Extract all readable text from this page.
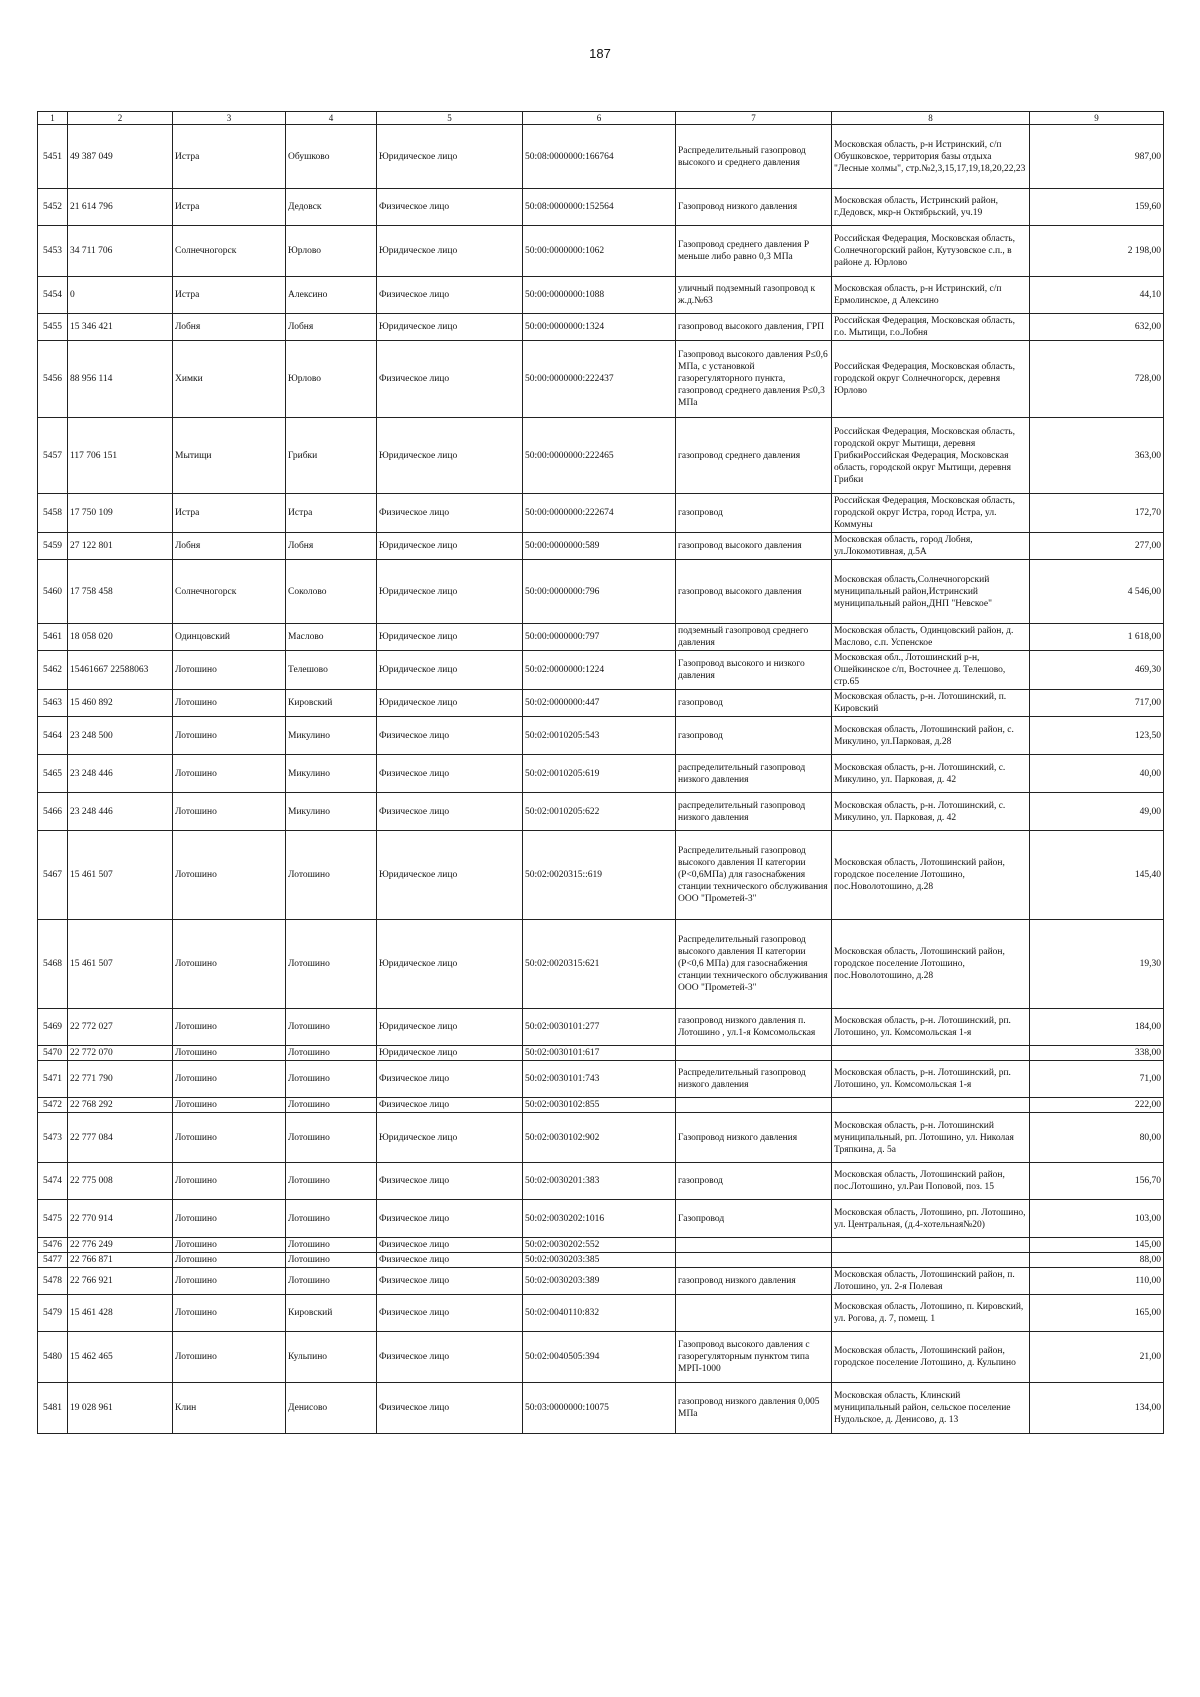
187
1	2	3	4	5	6	7	8	9
5451	49 387 049	Истра	Обушково	Юридическое лицо	50:08:0000000:166764	Распределительный газопровод высокого и среднего давления	Московская область, р-н Истринский, с/п Обушковское, территория базы отдыха "Лесные холмы", стр.№2,3,15,17,19,18,20,22,23	987,00
5452	21 614 796	Истра	Дедовск	Физическое лицо	50:08:0000000:152564	Газопровод низкого давления	Московская область, Истринский район, г.Дедовск, мкр-н Октябрьский, уч.19	159,60
5453	34 711 706	Солнечногорск	Юрлово	Юридическое лицо	50:00:0000000:1062	Газопровод среднего давления Р меньше либо равно 0,3 МПа	Российская Федерация, Московская область, Солнечногорский район, Кутузовское с.п., в районе д. Юрлово	2 198,00
5454	0	Истра	Алексино	Физическое лицо	50:00:0000000:1088	уличный подземный газопровод к ж.д.№63	Московская область, р-н Истринский, с/п Ермолинское, д Алексино	44,10
5455	15 346 421	Лобня	Лобня	Юридическое лицо	50:00:0000000:1324	газопровод высокого давления, ГРП	Российская Федерация, Московская область, г.о. Мытищи, г.о.Лобня	632,00
5456	88 956 114	Химки	Юрлово	Физическое лицо	50:00:0000000:222437	Газопровод высокого давления Р≤0,6 МПа, с установкой газорегуляторного пункта, газопровод среднего давления Р≤0,3 МПа	Российская Федерация, Московская область, городской округ Солнечногорск, деревня Юрлово	728,00
5457	117 706 151	Мытищи	Грибки	Юридическое лицо	50:00:0000000:222465	газопровод среднего давления	Российская Федерация, Московская область, городской округ Мытищи, деревня ГрибкиРоссийская Федерация, Московская область, городской округ Мытищи, деревня Грибки	363,00
5458	17 750 109	Истра	Истра	Физическое лицо	50:00:0000000:222674	газопровод	Российская Федерация, Московская область, городской округ Истра, город Истра, ул. Коммуны	172,70
5459	27 122 801	Лобня	Лобня	Юридическое лицо	50:00:0000000:589	газопровод высокого давления	Московская область, город Лобня, ул.Локомотивная, д.5А	277,00
5460	17 758 458	Солнечногорск	Соколово	Юридическое лицо	50:00:0000000:796	газопровод высокого давления	Московская область,Солнечногорский муниципальный район,Истринский муниципальный район,ДНП "Невское"	4 546,00
5461	18 058 020	Одинцовский	Маслово	Юридическое лицо	50:00:0000000:797	подземный газопровод среднего давления	Московская область, Одинцовский район, д. Маслово, с.п. Успенское	1 618,00
5462	15461667 22588063	Лотошино	Телешово	Юридическое лицо	50:02:0000000:1224	Газопровод высокого и низкого давления	Московская обл., Лотошинский р-н, Ошейкинское с/п, Восточнее д. Телешово, стр.65	469,30
5463	15 460 892	Лотошино	Кировский	Юридическое лицо	50:02:0000000:447	газопровод	Московская область, р-н. Лотошинский, п. Кировский	717,00
5464	23 248 500	Лотошино	Микулино	Физическое лицо	50:02:0010205:543	газопровод	Московская область, Лотошинский район, с. Микулино, ул.Парковая, д.28	123,50
5465	23 248 446	Лотошино	Микулино	Физическое лицо	50:02:0010205:619	распределительный газопровод низкого давления	Московская область, р-н. Лотошинский, с. Микулино, ул. Парковая, д. 42	40,00
5466	23 248 446	Лотошино	Микулино	Физическое лицо	50:02:0010205:622	распределительный газопровод низкого давления	Московская область, р-н. Лотошинский, с. Микулино, ул. Парковая, д. 42	49,00
5467	15 461 507	Лотошино	Лотошино	Юридическое лицо	50:02:0020315::619	Распределительный газопровод высокого давления II категории (Р<0,6МПа) для газоснабжения станции технического обслуживания ООО "Прометей-3"	Московская область, Лотошинский район, городское поселение Лотошино, пос.Новолотошино, д.28	145,40
5468	15 461 507	Лотошино	Лотошино	Юридическое лицо	50:02:0020315:621	Распределительный газопровод высокого давления II категории (Р<0,6 МПа) для газоснабжения станции технического обслуживания ООО "Прометей-3"	Московская область, Лотошинский район, городское поселение Лотошино, пос.Новолотошино, д.28	19,30
5469	22 772 027	Лотошино	Лотошино	Юридическое лицо	50:02:0030101:277	газопровод низкого давления п. Лотошино , ул.1-я Комсомольская	Московская область, р-н. Лотошинский, рп. Лотошино, ул. Комсомольская 1-я	184,00
5470	22 772 070	Лотошино	Лотошино	Юридическое лицо	50:02:0030101:617			338,00
5471	22 771 790	Лотошино	Лотошино	Физическое лицо	50:02:0030101:743	Распределительный газопровод низкого давления	Московская область, р-н. Лотошинский, рп. Лотошино, ул. Комсомольская 1-я	71,00
5472	22 768 292	Лотошино	Лотошино	Физическое лицо	50:02:0030102:855			222,00
5473	22 777 084	Лотошино	Лотошино	Юридическое лицо	50:02:0030102:902	Газопровод низкого давления	Московская область, р-н. Лотошинский муниципальный, рп. Лотошино, ул. Николая Тряпкина, д. 5а	80,00
5474	22 775 008	Лотошино	Лотошино	Физическое лицо	50:02:0030201:383	газопровод	Московская область, Лотошинский район, пос.Лотошино, ул.Раи Поповой, поз. 15	156,70
5475	22 770 914	Лотошино	Лотошино	Физическое лицо	50:02:0030202:1016	Газопровод	Московская область, Лотошино, рп. Лотошино, ул. Центральная, (д.4-хотельная№20)	103,00
5476	22 776 249	Лотошино	Лотошино	Физическое лицо	50:02:0030202:552			145,00
5477	22 766 871	Лотошино	Лотошино	Физическое лицо	50:02:0030203:385			88,00
5478	22 766 921	Лотошино	Лотошино	Физическое лицо	50:02:0030203:389	газопровод низкого давления	Московская область, Лотошинский район, п. Лотошино, ул. 2-я Полевая	110,00
5479	15 461 428	Лотошино	Кировский	Физическое лицо	50:02:0040110:832		Московская область, Лотошино, п. Кировский, ул. Рогова, д. 7, помещ. 1	165,00
5480	15 462 465	Лотошино	Кульпино	Физическое лицо	50:02:0040505:394	Газопровод высокого давления с газорегуляторным пунктом типа МРП-1000	Московская область, Лотошинский район, городское поселение Лотошино, д. Кульпино	21,00
5481	19 028 961	Клин	Денисово	Физическое лицо	50:03:0000000:10075	газопровод низкого давления 0,005 МПа	Московская область, Клинский муниципальный район, сельское поселение Нудольское, д. Денисово, д. 13	134,00
